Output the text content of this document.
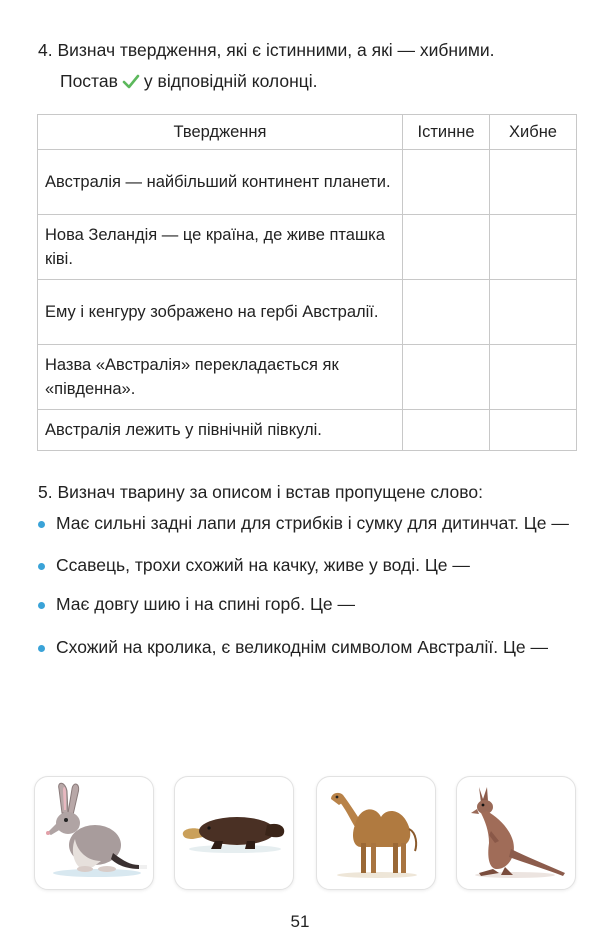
4. Визнач твердження, які є істинними, а які — хибними.
Постав у відповідній колонці.
Твердження	Істинне	Хибне
Австралія — найбільший континент планети.		
Нова Зеландія — це країна, де живе пташка ківі.		
Ему і кенгуру зображено на гербі Австралії.		
Назва «Австралія» перекладається як «південна».		
Австралія лежить у північній півкулі.		
5. Визнач тварину за описом і встав пропущене слово:
Має сильні задні лапи для стрибків і сумку для дитинчат. Це —
Ссавець, трохи схожий на качку, живе у воді. Це —
Має довгу шию і на спині горб. Це —
Схожий на кролика, є великоднім символом Австралії. Це —
51
